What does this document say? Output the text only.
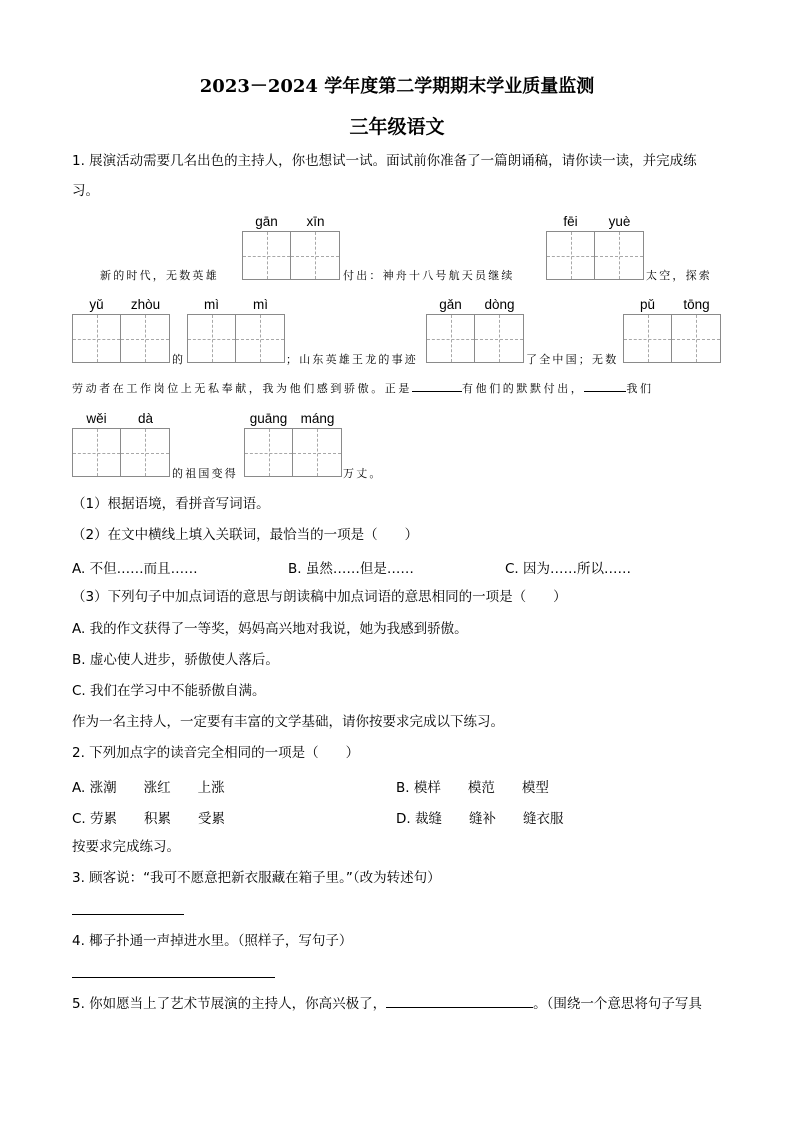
2023－2024 学年度第二学期期末学业质量监测
三年级语文
1. 展演活动需要几名出色的主持人，你也想试一试。面试前你准备了一篇朗诵稿，请你读一读，并完成练
习。
gān	xīn	fēi	yuè
新的时代，无数英雄	付出：神舟十八号航天员继续	太空，探索
yǔ	zhòu	mì	mì	gǎn	dòng	pǔ	tōng
的	；山东英雄王龙的事迹	了全中国；无数
劳动者在工作岗位上无私奉献，我为他们感到骄傲。正是	有他们的默默付出，	我们
wěi	dà	guāng máng
的祖国变得	万丈。
（1）根据语境，看拼音写词语。
（2）在文中横线上填入关联词，最恰当的一项是（　　）
A. 不但……而且……	B. 虽然……但是……	C. 因为……所以……
（3）下列句子中加点词语的意思与朗读稿中加点词语的意思相同的一项是（　　）
A. 我的作文获得了一等奖，妈妈高兴地对我说，她为我感到骄傲。
B. 虚心使人进步，骄傲使人落后。
C. 我们在学习中不能骄傲自满。
作为一名主持人，一定要有丰富的文学基础，请你按要求完成以下练习。
2. 下列加点字的读音完全相同的一项是（　　）
A. 涨潮　　涨红　　上涨	B. 模样　　模范　　模型
C. 劳累　　积累　　受累	D. 裁缝　　缝补　　缝衣服
按要求完成练习。
3. 顾客说：“我可不愿意把新衣服藏在箱子里。”（改为转述句）
4. 椰子扑通一声掉进水里。（照样子，写句子）
5. 你如愿当上了艺术节展演的主持人，你高兴极了，	。（围绕一个意思将句子写具
